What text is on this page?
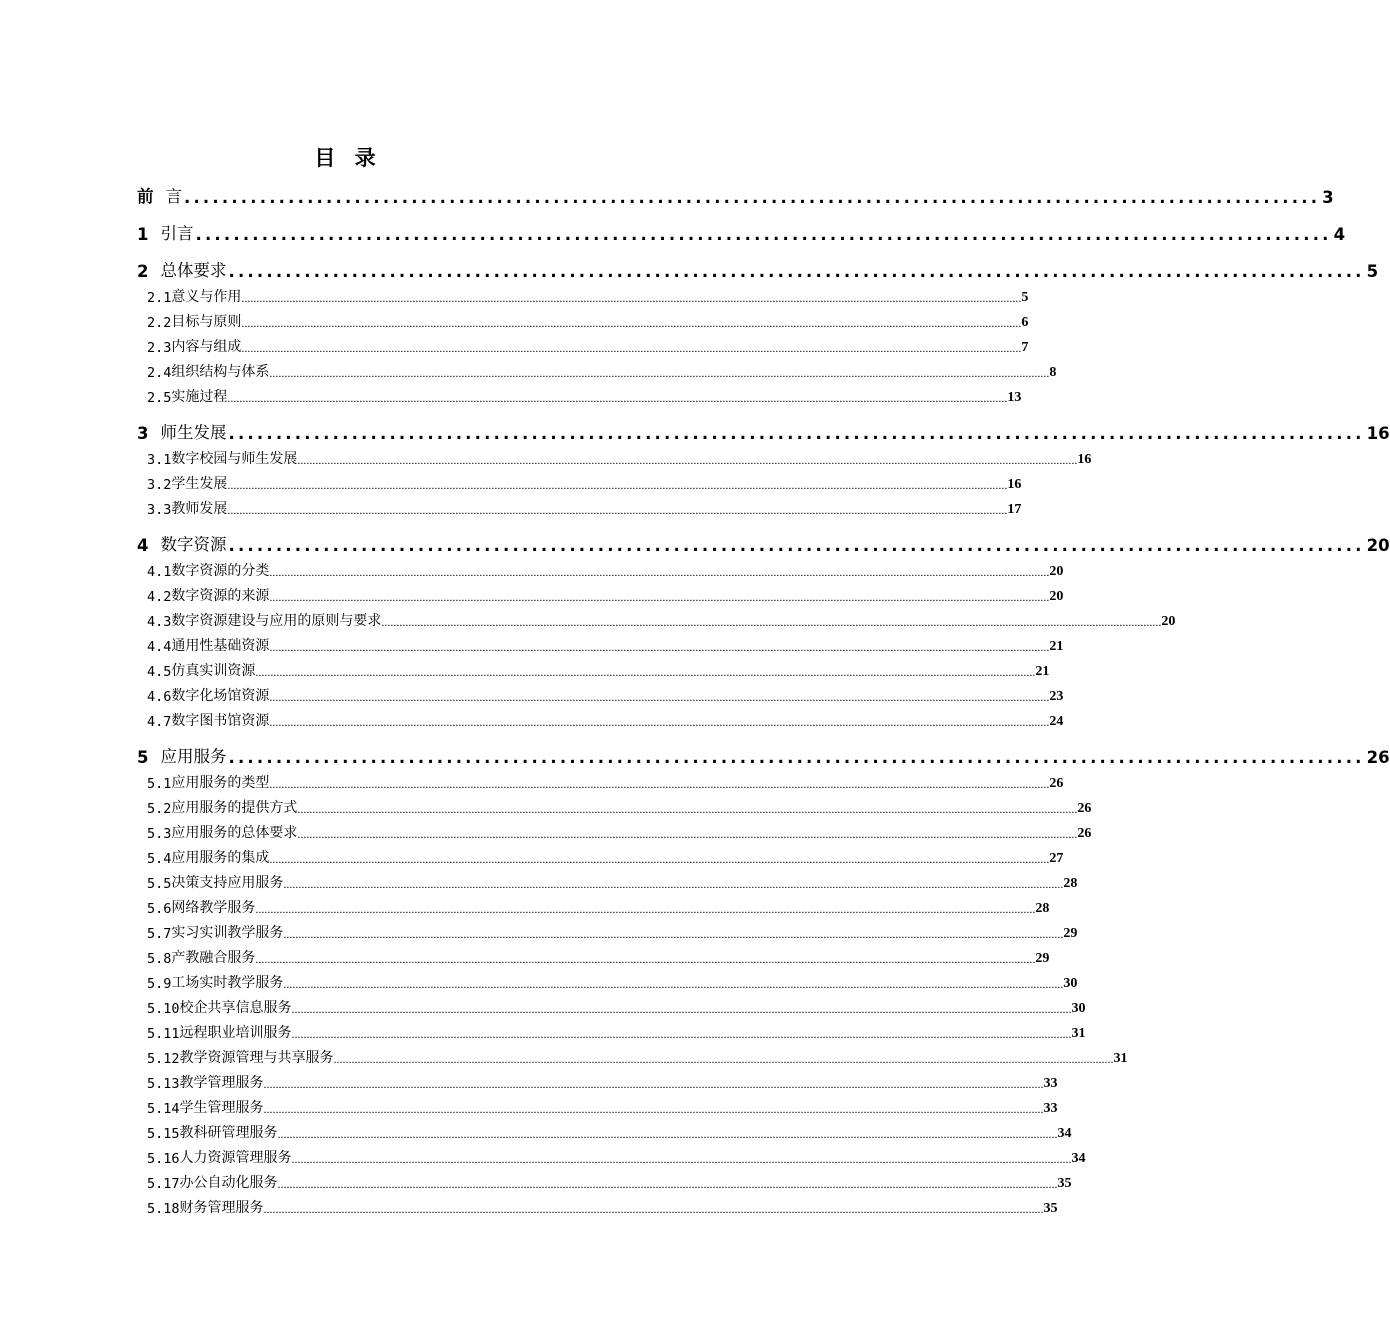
目 录
前 言 ........................................................................................................................ 3
1 引言 ........................................................................................................................ 4
2 总体要求 ........................................................................................................................ 5
2.1 意义与作用 .................................................................................................................................................................................................................................................................... 5
2.2 目标与原则 .................................................................................................................................................................................................................................................................... 6
2.3 内容与组成 .................................................................................................................................................................................................................................................................... 7
2.4 组织结构与体系 .................................................................................................................................................................................................................................................................... 8
2.5 实施过程 .................................................................................................................................................................................................................................................................... 13
3 师生发展 ........................................................................................................................ 16
3.1 数字校园与师生发展 .................................................................................................................................................................................................................................................................... 16
3.2 学生发展 .................................................................................................................................................................................................................................................................... 16
3.3 教师发展 .................................................................................................................................................................................................................................................................... 17
4 数字资源 ........................................................................................................................ 20
4.1 数字资源的分类 .................................................................................................................................................................................................................................................................... 20
4.2 数字资源的来源 .................................................................................................................................................................................................................................................................... 20
4.3 数字资源建设与应用的原则与要求 .................................................................................................................................................................................................................................................................... 20
4.4 通用性基础资源 .................................................................................................................................................................................................................................................................... 21
4.5 仿真实训资源 .................................................................................................................................................................................................................................................................... 21
4.6 数字化场馆资源 .................................................................................................................................................................................................................................................................... 23
4.7 数字图书馆资源 .................................................................................................................................................................................................................................................................... 24
5 应用服务 ........................................................................................................................ 26
5.1 应用服务的类型 .................................................................................................................................................................................................................................................................... 26
5.2 应用服务的提供方式 .................................................................................................................................................................................................................................................................... 26
5.3 应用服务的总体要求 .................................................................................................................................................................................................................................................................... 26
5.4 应用服务的集成 .................................................................................................................................................................................................................................................................... 27
5.5 决策支持应用服务 .................................................................................................................................................................................................................................................................... 28
5.6 网络教学服务 .................................................................................................................................................................................................................................................................... 28
5.7 实习实训教学服务 .................................................................................................................................................................................................................................................................... 29
5.8 产教融合服务 .................................................................................................................................................................................................................................................................... 29
5.9 工场实时教学服务 .................................................................................................................................................................................................................................................................... 30
5.10 校企共享信息服务 .................................................................................................................................................................................................................................................................... 30
5.11 远程职业培训服务 .................................................................................................................................................................................................................................................................... 31
5.12 教学资源管理与共享服务 .................................................................................................................................................................................................................................................................... 31
5.13 教学管理服务 .................................................................................................................................................................................................................................................................... 33
5.14 学生管理服务 .................................................................................................................................................................................................................................................................... 33
5.15 教科研管理服务 .................................................................................................................................................................................................................................................................... 34
5.16 人力资源管理服务 .................................................................................................................................................................................................................................................................... 34
5.17 办公自动化服务 .................................................................................................................................................................................................................................................................... 35
5.18 财务管理服务 .................................................................................................................................................................................................................................................................... 35
